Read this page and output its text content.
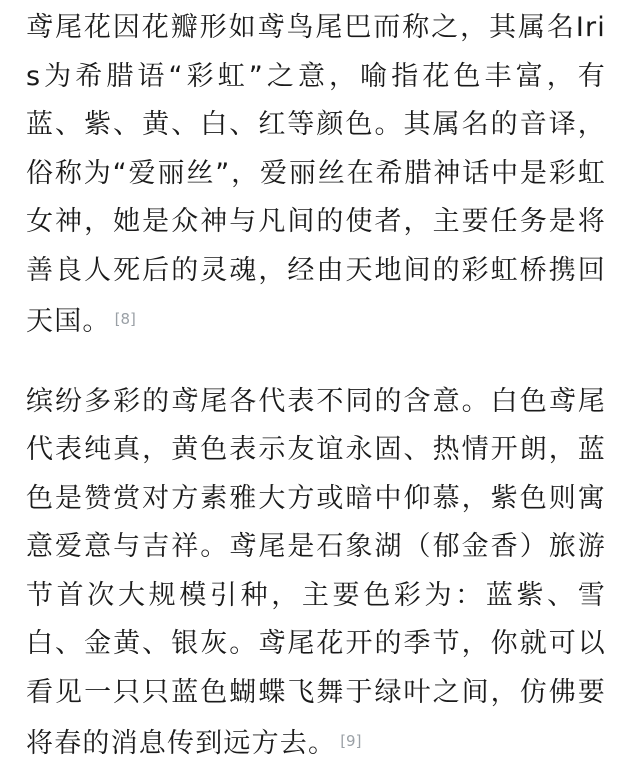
鸢尾花因花瓣形如鸢鸟尾巴而称之，其属名Iris为希腊语“彩虹”之意，喻指花色丰富，有蓝、紫、黄、白、红等颜色。其属名的音译，俗称为“爱丽丝”，爱丽丝在希腊神话中是彩虹女神，她是众神与凡间的使者，主要任务是将善良人死后的灵魂，经由天地间的彩虹桥携回天国。 [8]

缤纷多彩的鸢尾各代表不同的含意。白色鸢尾代表纯真，黄色表示友谊永固、热情开朗，蓝色是赞赏对方素雅大方或暗中仰慕，紫色则寓意爱意与吉祥。鸢尾是石象湖（郁金香）旅游节首次大规模引种，主要色彩为：蓝紫、雪白、金黄、银灰。鸢尾花开的季节，你就可以看见一只只蓝色蝴蝶飞舞于绿叶之间，仿佛要将春的消息传到远方去。 [9]
